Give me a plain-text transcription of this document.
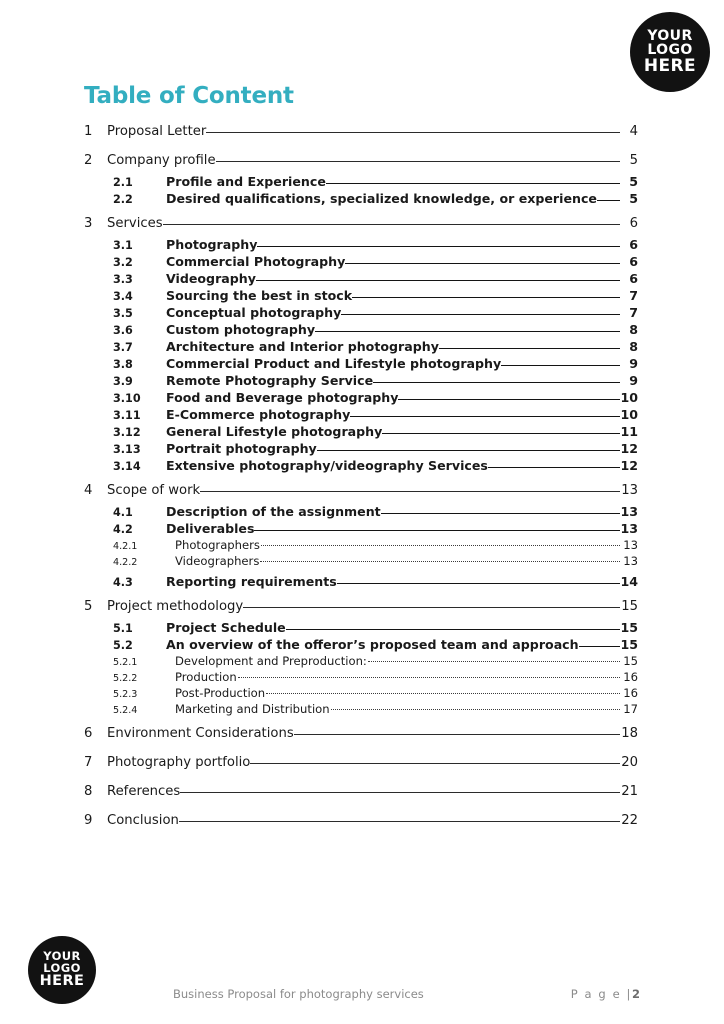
YOUR
LOGO
HERE
Table of Content
1	Proposal Letter	4
2	Company profile	5
2.1	Profile and Experience	5
2.2	Desired qualifications, specialized knowledge, or experience	5
3	Services	6
3.1	Photography	6
3.2	Commercial Photography	6
3.3	Videography	6
3.4	Sourcing the best in stock	7
3.5	Conceptual photography	7
3.6	Custom photography	8
3.7	Architecture and Interior photography	8
3.8	Commercial Product and Lifestyle photography	9
3.9	Remote Photography Service	9
3.10	Food and Beverage photography	10
3.11	E-Commerce photography	10
3.12	General Lifestyle photography	11
3.13	Portrait photography	12
3.14	Extensive photography/videography Services	12
4	Scope of work	13
4.1	Description of the assignment	13
4.2	Deliverables	13
4.2.1	Photographers	13
4.2.2	Videographers	13
4.3	Reporting requirements	14
5	Project methodology	15
5.1	Project Schedule	15
5.2	An overview of the offeror’s proposed team and approach	15
5.2.1	Development and Preproduction:	15
5.2.2	Production	16
5.2.3	Post-Production	16
5.2.4	Marketing and Distribution	17
6	Environment Considerations	18
7	Photography portfolio	20
8	References	21
9	Conclusion	22
YOUR
LOGO
HERE
Business Proposal for photography services	P a g e |2
